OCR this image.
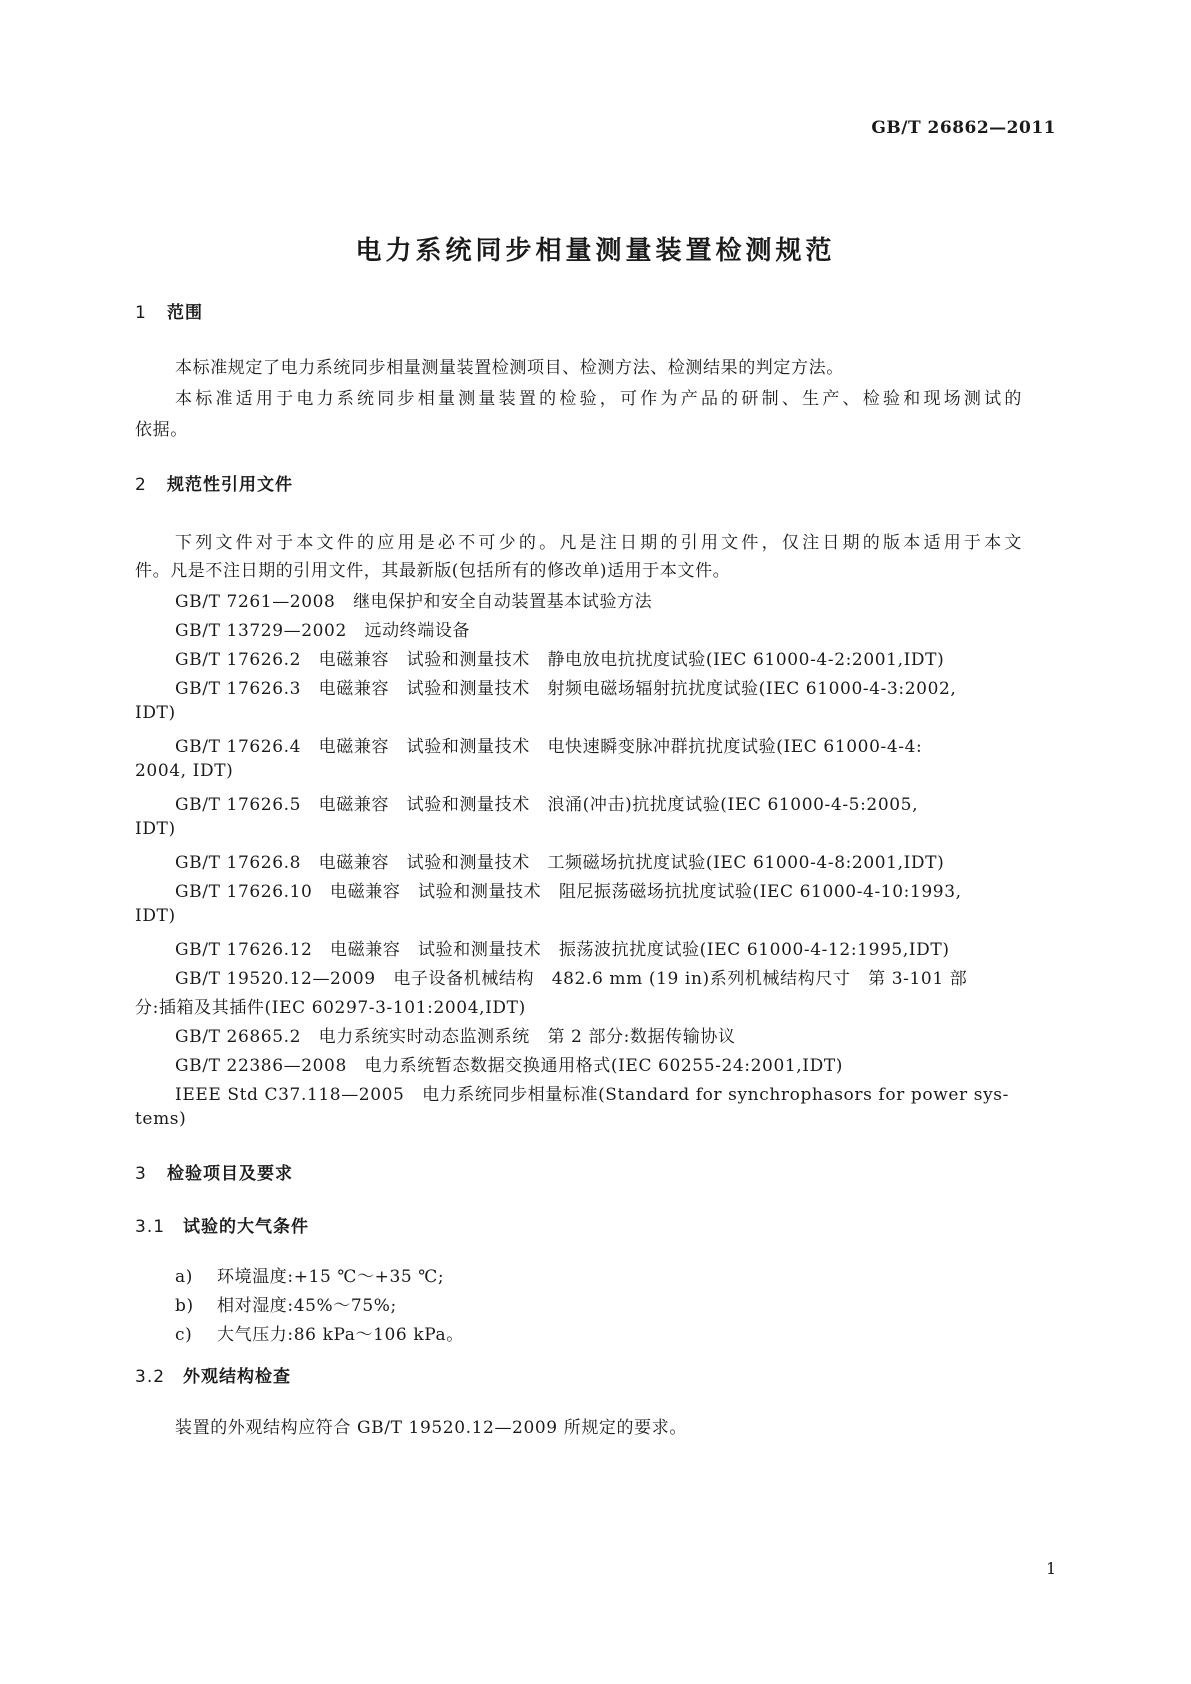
GB/T 26862—2011
电力系统同步相量测量装置检测规范
1 范围
本标准规定了电力系统同步相量测量装置检测项目、检测方法、检测结果的判定方法。
本标准适用于电力系统同步相量测量装置的检验，可作为产品的研制、生产、检验和现场测试的
依据。
2 规范性引用文件
下列文件对于本文件的应用是必不可少的。凡是注日期的引用文件，仅注日期的版本适用于本文
件。凡是不注日期的引用文件，其最新版(包括所有的修改单)适用于本文件。
GB/T 7261—2008　继电保护和安全自动装置基本试验方法
GB/T 13729—2002　远动终端设备
GB/T 17626.2　电磁兼容　试验和测量技术　静电放电抗扰度试验(IEC 61000-4-2:2001,IDT)
GB/T 17626.3　电磁兼容　试验和测量技术　射频电磁场辐射抗扰度试验(IEC 61000-4-3:2002,
IDT)
GB/T 17626.4　电磁兼容　试验和测量技术　电快速瞬变脉冲群抗扰度试验(IEC 61000-4-4:
2004, IDT)
GB/T 17626.5　电磁兼容　试验和测量技术　浪涌(冲击)抗扰度试验(IEC 61000-4-5:2005,
IDT)
GB/T 17626.8　电磁兼容　试验和测量技术　工频磁场抗扰度试验(IEC 61000-4-8:2001,IDT)
GB/T 17626.10　电磁兼容　试验和测量技术　阻尼振荡磁场抗扰度试验(IEC 61000-4-10:1993,
IDT)
GB/T 17626.12　电磁兼容　试验和测量技术　振荡波抗扰度试验(IEC 61000-4-12:1995,IDT)
GB/T 19520.12—2009　电子设备机械结构　482.6 mm (19 in)系列机械结构尺寸　第 3-101 部
分:插箱及其插件(IEC 60297-3-101:2004,IDT)
GB/T 26865.2　电力系统实时动态监测系统　第 2 部分:数据传输协议
GB/T 22386—2008　电力系统暂态数据交换通用格式(IEC 60255-24:2001,IDT)
IEEE Std C37.118—2005　电力系统同步相量标准(Standard for synchrophasors for power sys-
tems)
3 检验项目及要求
3.1 试验的大气条件
a) 环境温度:+15 ℃～+35 ℃;
b) 相对湿度:45%～75%;
c) 大气压力:86 kPa～106 kPa。
3.2 外观结构检查
装置的外观结构应符合 GB/T 19520.12—2009 所规定的要求。
1
